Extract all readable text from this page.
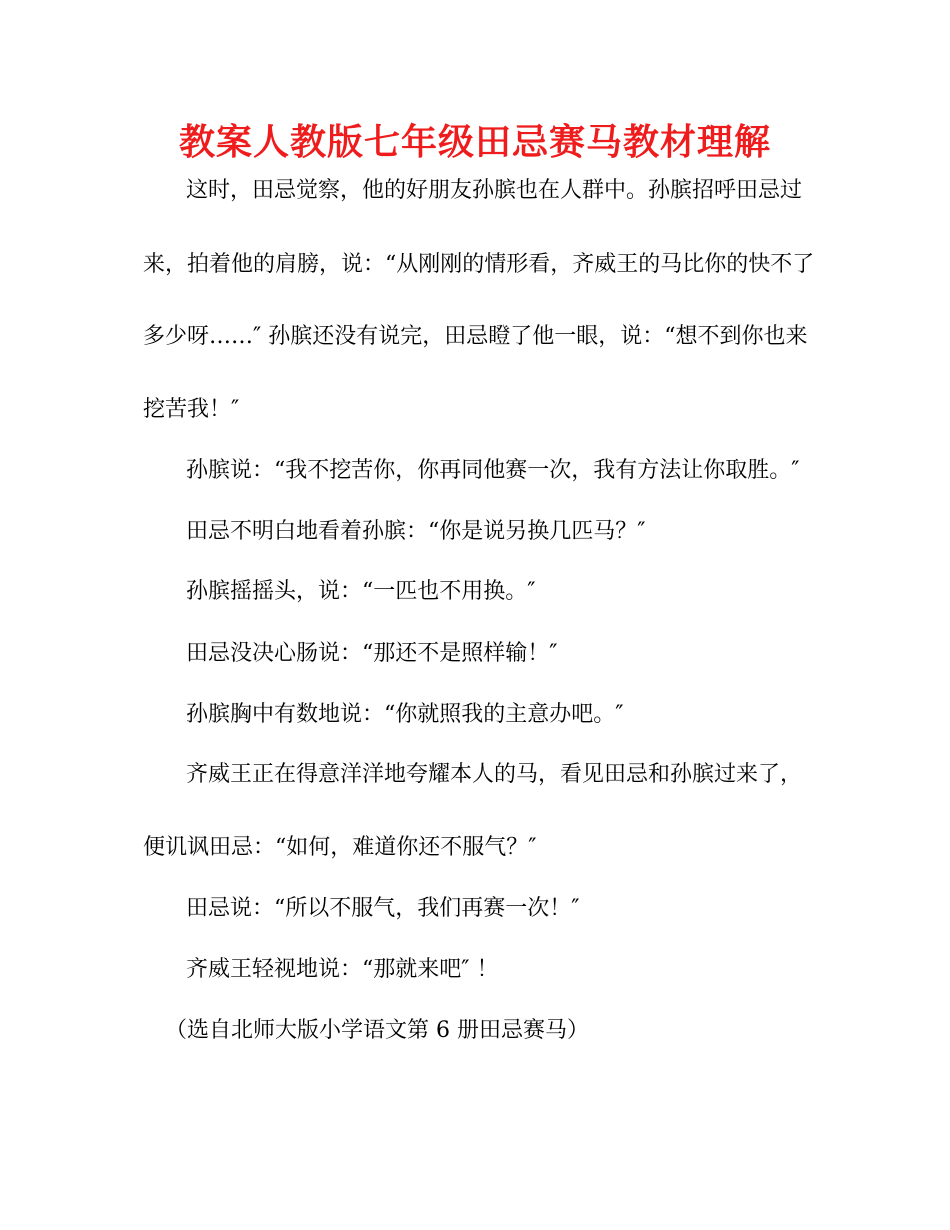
教案人教版七年级田忌赛马教材理解

这时，田忌觉察，他的好朋友孙膑也在人群中。孙膑招呼田忌过

来，拍着他的肩膀，说：“从刚刚的情形看，齐威王的马比你的快不了

多少呀……″ 孙膑还没有说完，田忌瞪了他一眼，说：“想不到你也来

挖苦我！″

孙膑说：“我不挖苦你，你再同他赛一次，我有方法让你取胜。″

田忌不明白地看着孙膑：“你是说另换几匹马？″

孙膑摇摇头，说：“一匹也不用换。″

田忌没决心肠说：“那还不是照样输！″

孙膑胸中有数地说：“你就照我的主意办吧。″

齐威王正在得意洋洋地夸耀本人的马，看见田忌和孙膑过来了，

便讥讽田忌：“如何，难道你还不服气？″

田忌说：“所以不服气，我们再赛一次！″

齐威王轻视地说：“那就来吧″ ！

（选自北师大版小学语文第 6 册田忌赛马）
